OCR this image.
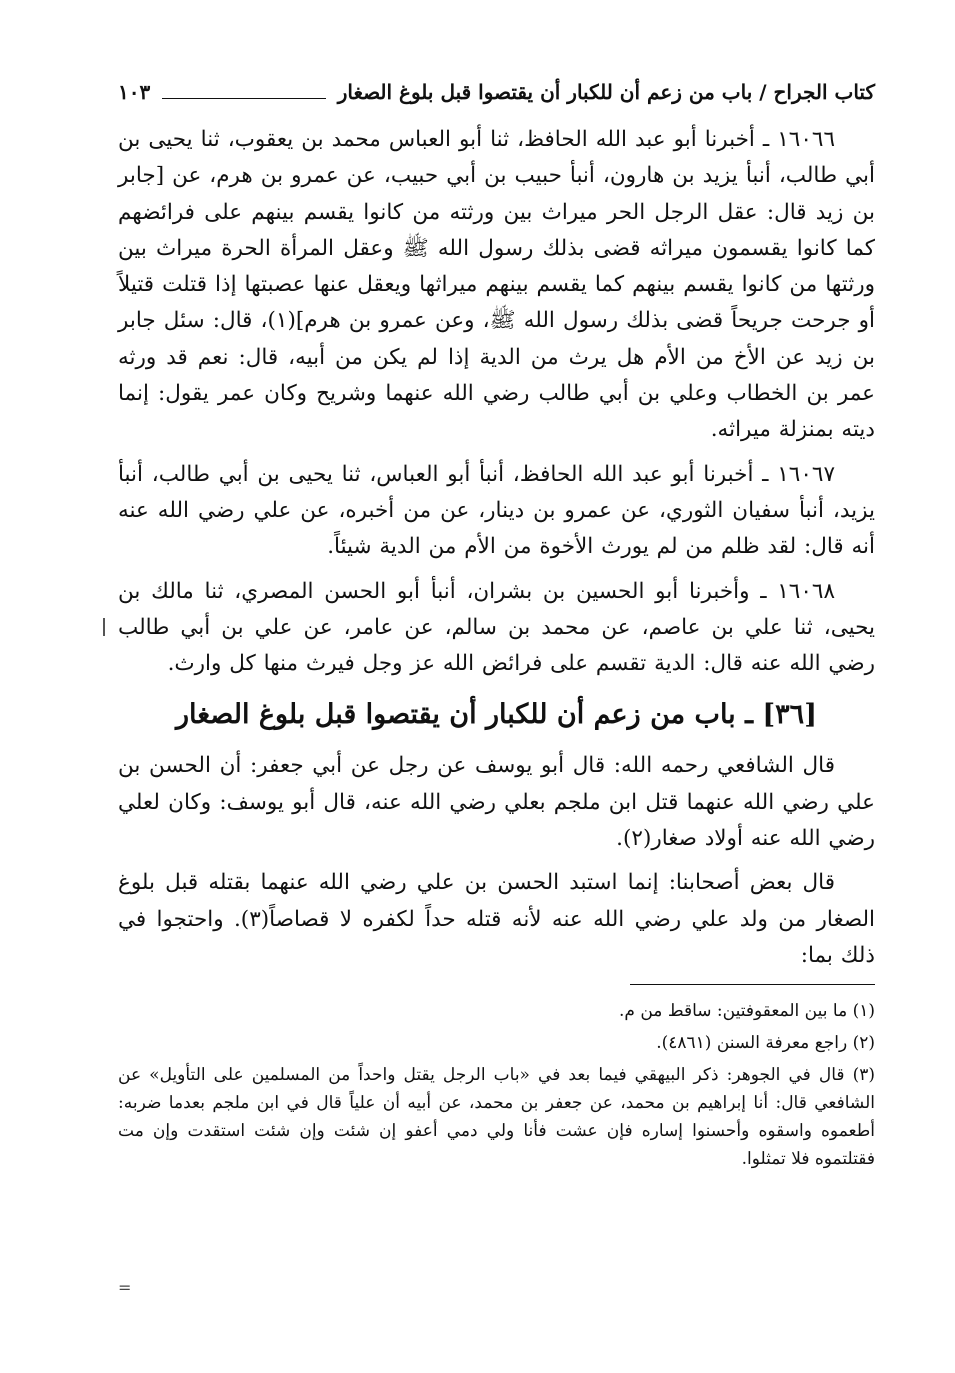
كتاب الجراح / باب من زعم أن للكبار أن يقتصوا قبل بلوغ الصغار
١٠٣

١٦٠٦٦ ـ أخبرنا أبو عبد الله الحافظ، ثنا أبو العباس محمد بن يعقوب، ثنا يحيى بن أبي طالب، أنبأ يزيد بن هارون، أنبأ حبيب بن أبي حبيب، عن عمرو بن هرم، عن [جابر بن زيد قال: عقل الرجل الحر ميراث بين ورثته من كانوا يقسم بينهم على فرائضهم كما كانوا يقسمون ميراثه قضى بذلك رسول الله ﷺ وعقل المرأة الحرة ميراث بين ورثتها من كانوا يقسم بينهم كما يقسم بينهم ميراثها ويعقل عنها عصبتها إذا قتلت قتيلاً أو جرحت جريحاً قضى بذلك رسول الله ﷺ، وعن عمرو بن هرم](١)، قال: سئل جابر بن زيد عن الأخ من الأم هل يرث من الدية إذا لم يكن من أبيه، قال: نعم قد ورثه عمر بن الخطاب وعلي بن أبي طالب رضي الله عنهما وشريح وكان عمر يقول: إنما ديته بمنزلة ميراثه.

١٦٠٦٧ ـ أخبرنا أبو عبد الله الحافظ، أنبأ أبو العباس، ثنا يحيى بن أبي طالب، أنبأ يزيد، أنبأ سفيان الثوري، عن عمرو بن دينار، عن من أخبره، عن علي رضي الله عنه أنه قال: لقد ظلم من لم يورث الأخوة من الأم من الدية شيئاً.

١٦٠٦٨ ـ وأخبرنا أبو الحسين بن بشران، أنبأ أبو الحسن المصري، ثنا مالك بن يحيى، ثنا علي بن عاصم، عن محمد بن سالم، عن عامر، عن علي بن أبي طالب رضي الله عنه قال: الدية تقسم على فرائض الله عز وجل فيرث منها كل وارث.

[٣٦] ـ باب من زعم أن للكبار أن يقتصوا قبل بلوغ الصغار

قال الشافعي رحمه الله: قال أبو يوسف عن رجل عن أبي جعفر: أن الحسن بن علي رضي الله عنهما قتل ابن ملجم بعلي رضي الله عنه، قال أبو يوسف: وكان لعلي رضي الله عنه أولاد صغار(٢).

قال بعض أصحابنا: إنما استبد الحسن بن علي رضي الله عنهما بقتله قبل بلوغ الصغار من ولد علي رضي الله عنه لأنه قتله حداً لكفره لا قصاصاً(٣). واحتجوا في ذلك بما:

(١) ما بين المعقوفتين: ساقط من م.

(٢) راجع معرفة السنن (٤٨٦١).

(٣) قال في الجوهر: ذكر البيهقي فيما بعد في «باب الرجل يقتل واحداً من المسلمين على التأويل» عن الشافعي قال: أنا إبراهيم بن محمد، عن جعفر بن محمد، عن أبيه أن علياً قال في ابن ملجم بعدما ضربه: أطعموه واسقوه وأحسنوا إساره فإن عشت فأنا ولي دمي أعفو إن شئت وإن شئت استقدت وإن مت فقتلتموه فلا تمثلوا.

=
